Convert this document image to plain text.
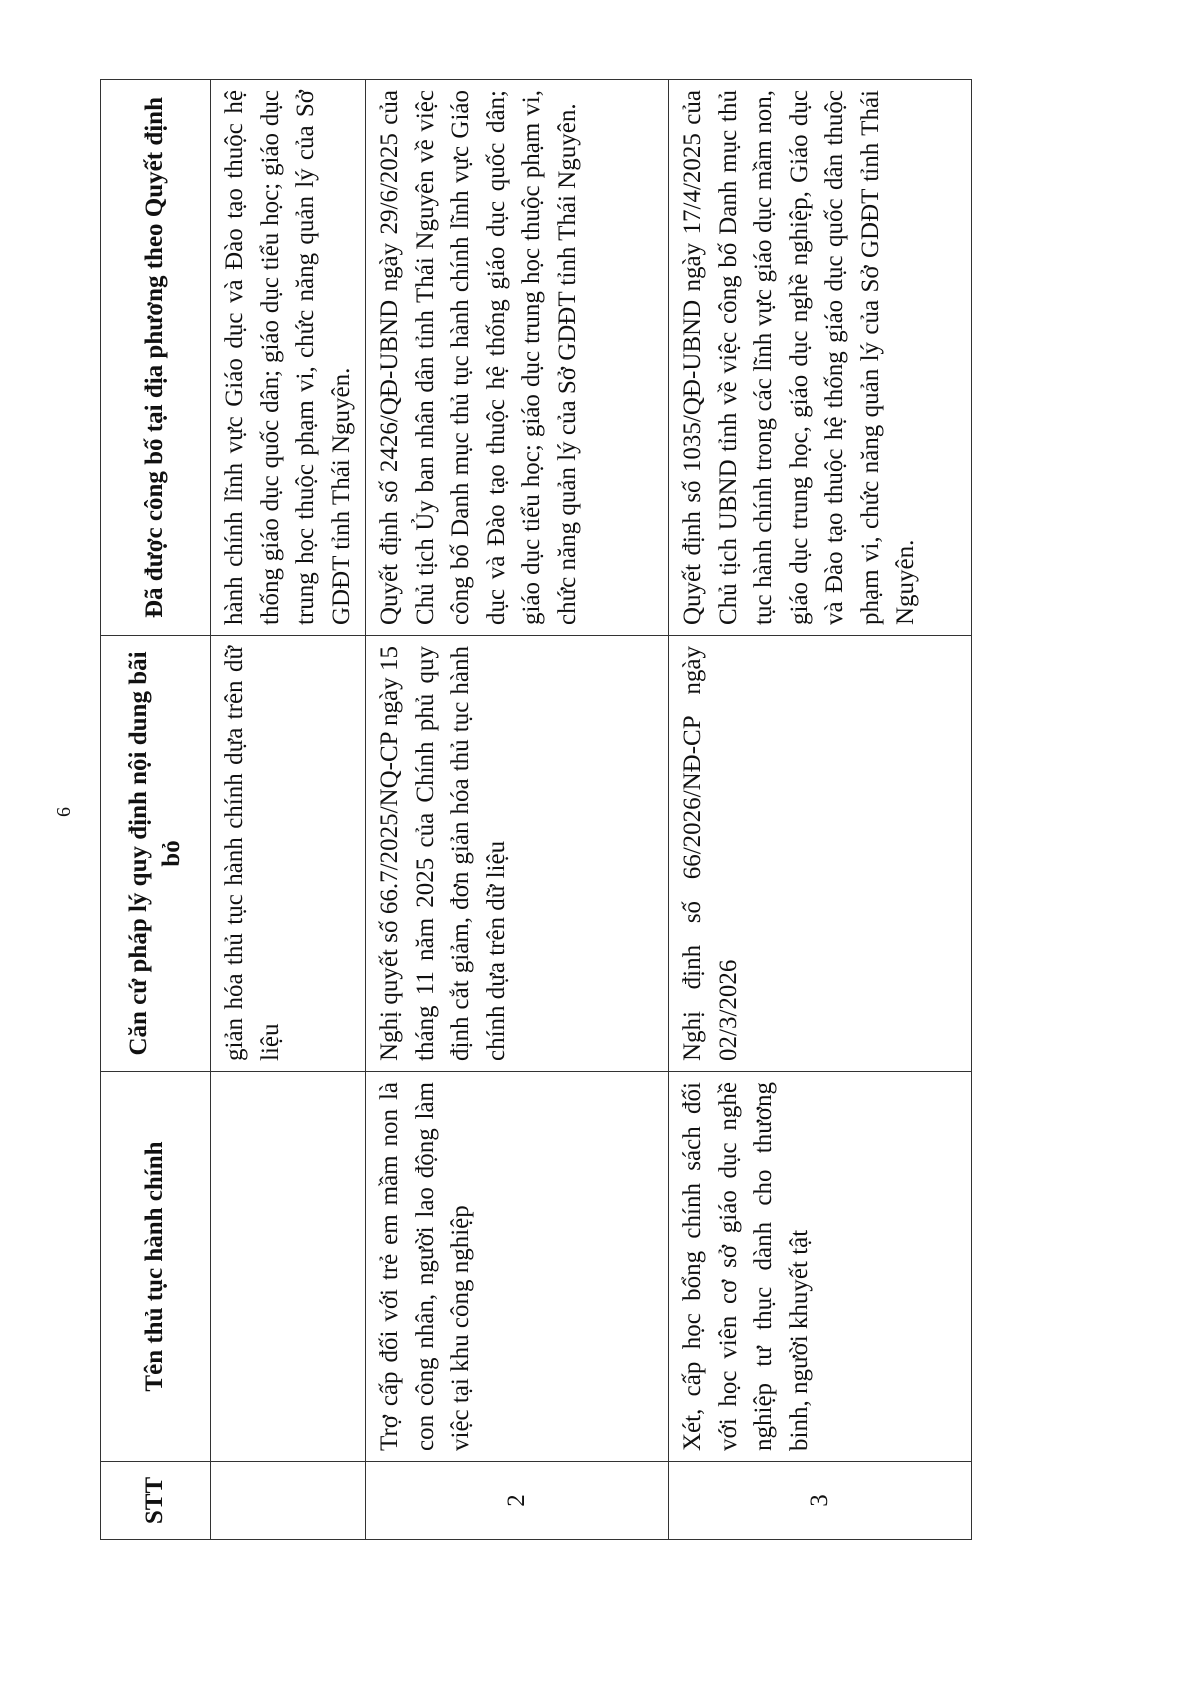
6
STT	Tên thủ tục hành chính	Căn cứ pháp lý quy định nội dung bãi bỏ	Đã được công bố tại địa phương theo Quyết định
		giản hóa thủ tục hành chính dựa trên dữ liệu	hành chính lĩnh vực Giáo dục và Đào tạo thuộc hệ thống giáo dục quốc dân; giáo dục tiểu học; giáo dục trung học thuộc phạm vi, chức năng quản lý của Sở GDĐT tỉnh Thái Nguyên.
2	Trợ cấp đối với trẻ em mầm non là con công nhân, người lao động làm việc tại khu công nghiệp	Nghị quyết số 66.7/2025/NQ-CP ngày 15 tháng 11 năm 2025 của Chính phủ quy định cắt giảm, đơn giản hóa thủ tục hành chính dựa trên dữ liệu	Quyết định số 2426/QĐ-UBND ngày 29/6/2025 của Chủ tịch Ủy ban nhân dân tỉnh Thái Nguyên về việc công bố Danh mục thủ tục hành chính lĩnh vực Giáo dục và Đào tạo thuộc hệ thống giáo dục quốc dân; giáo dục tiểu học; giáo dục trung học thuộc phạm vi, chức năng quản lý của Sở GDĐT tỉnh Thái Nguyên.
3	Xét, cấp học bổng chính sách đối với học viên cơ sở giáo dục nghề nghiệp tư thục dành cho thương binh, người khuyết tật	Nghị định số 66/2026/NĐ-CP ngày 02/3/2026	Quyết định số 1035/QĐ-UBND ngày 17/4/2025 của Chủ tịch UBND tỉnh về việc công bố Danh mục thủ tục hành chính trong các lĩnh vực giáo dục mầm non, giáo dục trung học, giáo dục nghề nghiệp, Giáo dục và Đào tạo thuộc hệ thống giáo dục quốc dân thuộc phạm vi, chức năng quản lý của Sở GDĐT tỉnh Thái Nguyên.
